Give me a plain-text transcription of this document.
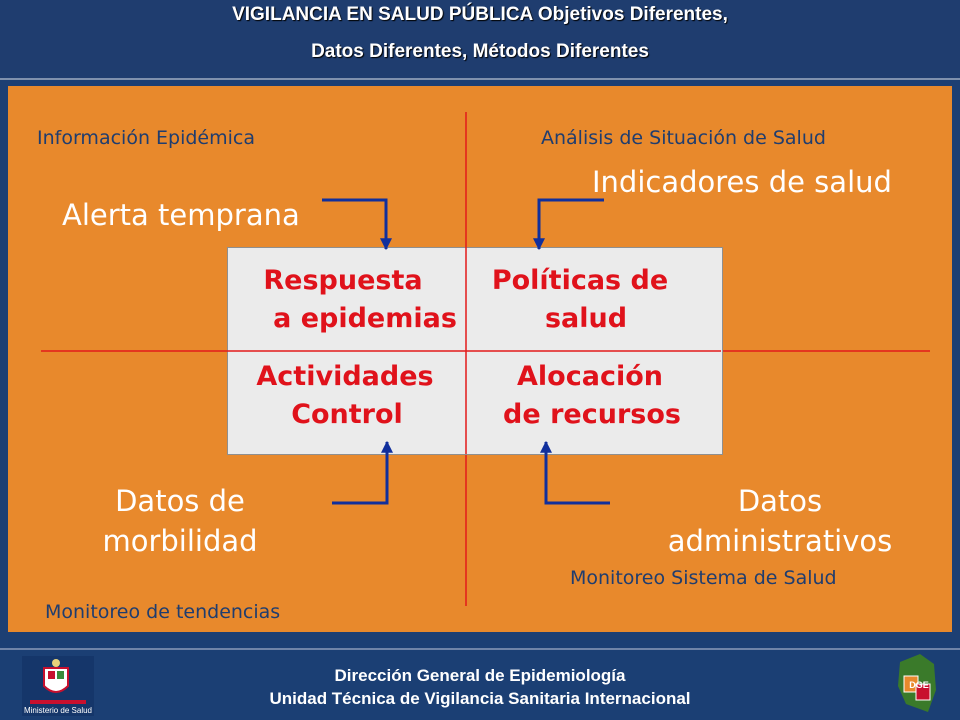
VIGILANCIA EN SALUD PÚBLICA Objetivos Diferentes,
Datos Diferentes, Métodos Diferentes
Información Epidémica	Análisis de Situación de Salud
Monitoreo de tendencias
Monitoreo Sistema de Salud
Alerta temprana
Indicadores de salud
Datos de
morbilidad
Datos
administrativos
Respuesta
a epidemias
Políticas de
salud
Actividades
Control
Alocación
de recursos
Ministerio de Salud
DGE
Dirección General de Epidemiología
Unidad Técnica de Vigilancia Sanitaria Internacional
